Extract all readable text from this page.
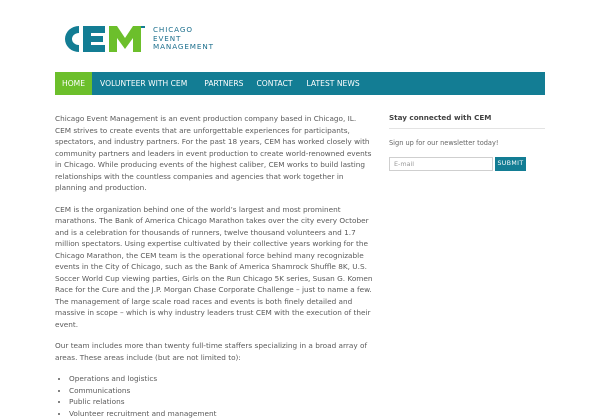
CHICAGO
EVENT
MANAGEMENT
HOME	VOLUNTEER WITH CEM	PARTNERS	CONTACT	LATEST NEWS

Chicago Event Management is an event production company based in Chicago, IL. CEM strives to create events that are unforgettable experiences for participants, spectators, and industry partners. For the past 18 years, CEM has worked closely with community partners and leaders in event production to create world-renowned events in Chicago. While producing events of the highest caliber, CEM works to build lasting relationships with the countless companies and agencies that work together in planning and production.

CEM is the organization behind one of the world’s largest and most prominent marathons. The Bank of America Chicago Marathon takes over the city every October and is a celebration for thousands of runners, twelve thousand volunteers and 1.7 million spectators. Using expertise cultivated by their collective years working for the Chicago Marathon, the CEM team is the operational force behind many recognizable events in the City of Chicago, such as the Bank of America Shamrock Shuffle 8K, U.S. Soccer World Cup viewing parties, Girls on the Run Chicago 5K series, Susan G. Komen Race for the Cure and the J.P. Morgan Chase Corporate Challenge – just to name a few. The management of large scale road races and events is both finely detailed and massive in scope – which is why industry leaders trust CEM with the execution of their event.

Our team includes more than twenty full-time staffers specializing in a broad array of areas. These areas include (but are not limited to):

• Operations and logistics
• Communications
• Public relations
• Volunteer recruitment and management
Stay connected with CEM
Sign up for our newsletter today!
E-mail
SUBMIT
